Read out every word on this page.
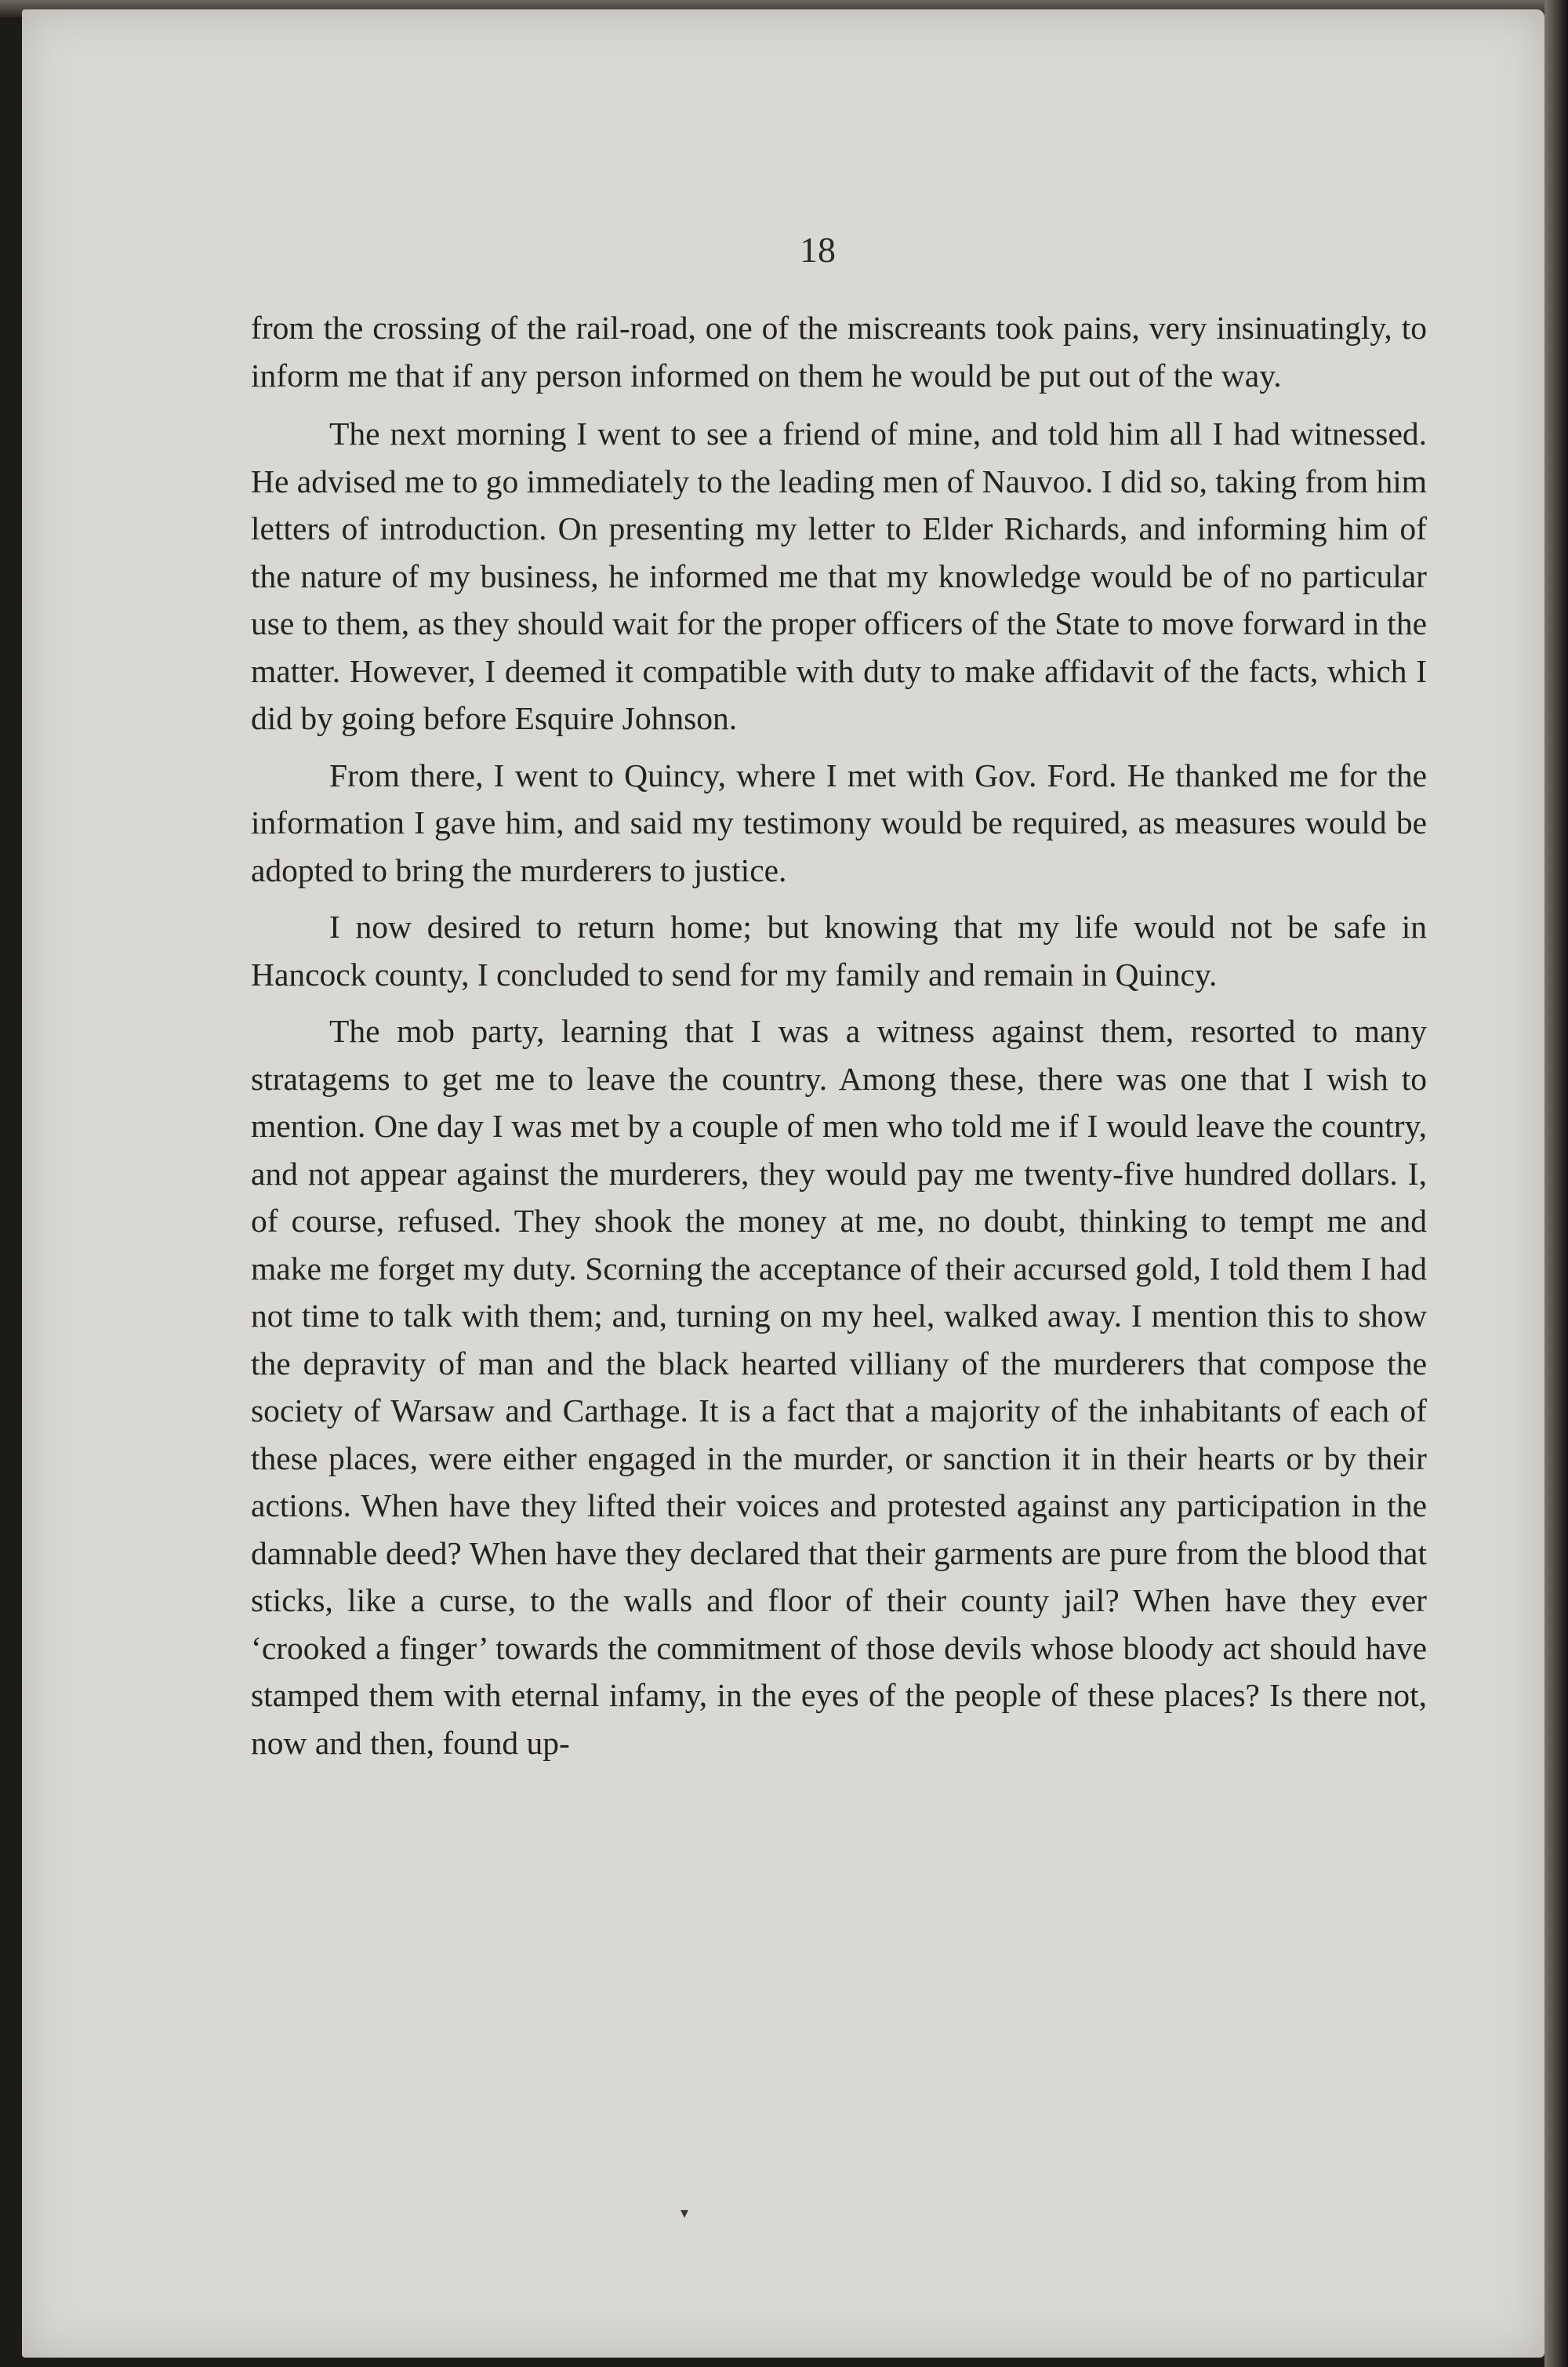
18

from the crossing of the rail-road, one of the miscreants took pains, very insinuatingly, to inform me that if any person informed on them he would be put out of the way.

The next morning I went to see a friend of mine, and told him all I had witnessed. He advised me to go immediately to the leading men of Nauvoo. I did so, taking from him letters of introduction. On presenting my letter to Elder Richards, and informing him of the nature of my business, he informed me that my knowledge would be of no particular use to them, as they should wait for the proper officers of the State to move forward in the matter. However, I deemed it compatible with duty to make affidavit of the facts, which I did by going before Esquire Johnson.

From there, I went to Quincy, where I met with Gov. Ford. He thanked me for the information I gave him, and said my testimony would be required, as measures would be adopted to bring the murderers to justice.

I now desired to return home; but knowing that my life would not be safe in Hancock county, I concluded to send for my family and remain in Quincy.

The mob party, learning that I was a witness against them, resorted to many stratagems to get me to leave the country. Among these, there was one that I wish to mention. One day I was met by a couple of men who told me if I would leave the country, and not appear against the murderers, they would pay me twenty-five hundred dollars. I, of course, refused. They shook the money at me, no doubt, thinking to tempt me and make me forget my duty. Scorning the acceptance of their accursed gold, I told them I had not time to talk with them; and, turning on my heel, walked away. I mention this to show the depravity of man and the black hearted villiany of the murderers that compose the society of Warsaw and Carthage. It is a fact that a majority of the inhabitants of each of these places, were either engaged in the murder, or sanction it in their hearts or by their actions. When have they lifted their voices and protested against any participation in the damnable deed? When have they declared that their garments are pure from the blood that sticks, like a curse, to the walls and floor of their county jail? When have they ever ‘crooked a finger’ towards the commitment of those devils whose bloody act should have stamped them with eternal infamy, in the eyes of the people of these places? Is there not, now and then, found up-

▾
